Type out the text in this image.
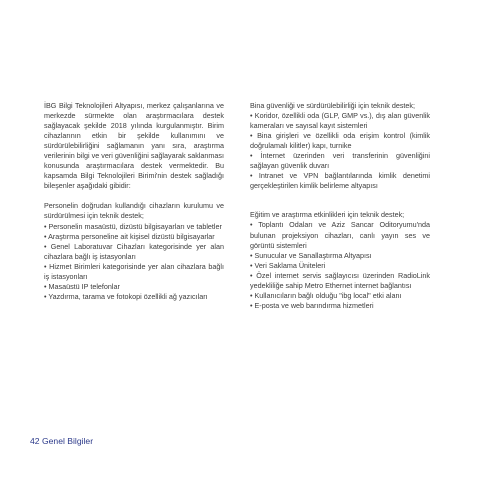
İBG Bilgi Teknolojileri Altyapısı, merkez çalışanlarına ve merkezde sürmekte olan araştırmacılara destek sağlayacak şekilde 2018 yılında kurgulanmıştır. Birim cihazlarının etkin bir şekilde kullanımını ve sürdürülebilirliğini sağlamanın yanı sıra, araştırma verilerinin bilgi ve veri güvenliğini sağlayarak saklanması konusunda araştırmacılara destek vermektedir. Bu kapsamda Bilgi Teknolojileri Birimi'nin destek sağladığı bileşenler aşağıdaki gibidir:

Personelin doğrudan kullandığı cihazların kurulumu ve sürdürülmesi için teknik destek;

• Personelin masaüstü, dizüstü bilgisayarları ve tabletler

• Araştırma personeline ait kişisel dizüstü bilgisayarlar

• Genel Laboratuvar Cihazları kategorisinde yer alan cihazlara bağlı iş istasyonları

• Hizmet Birimleri kategorisinde yer alan cihazlara bağlı iş istasyonları

• Masaüstü IP telefonlar

• Yazdırma, tarama ve fotokopi özellikli ağ yazıcıları

Bina güvenliği ve sürdürülebilirliği için teknik destek;

• Koridor, özellikli oda (GLP, GMP vs.), dış alan güvenlik kameraları ve sayısal kayıt sistemleri

• Bina girişleri ve özellikli oda erişim kontrol (kimlik doğrulamalı kilitler) kapı, turnike

• İnternet üzerinden veri transferinin güvenliğini sağlayan güvenlik duvarı

• Intranet ve VPN bağlantılarında kimlik denetimi gerçekleştirilen kimlik belirleme altyapısı

Eğitim ve araştırma etkinlikleri için teknik destek;

• Toplantı Odaları ve Aziz Sancar Oditoryumu'nda bulunan projeksiyon cihazları, canlı yayın ses ve görüntü sistemleri

• Sunucular ve Sanallaştırma Altyapısı

• Veri Saklama Üniteleri

• Özel internet servis sağlayıcısı üzerinden RadioLink yedekliliğe sahip Metro Ethernet internet bağlantısı

• Kullanıcıların bağlı olduğu "ibg local" etki alanı

• E-posta ve web barındırma hizmetleri

42 Genel Bilgiler
